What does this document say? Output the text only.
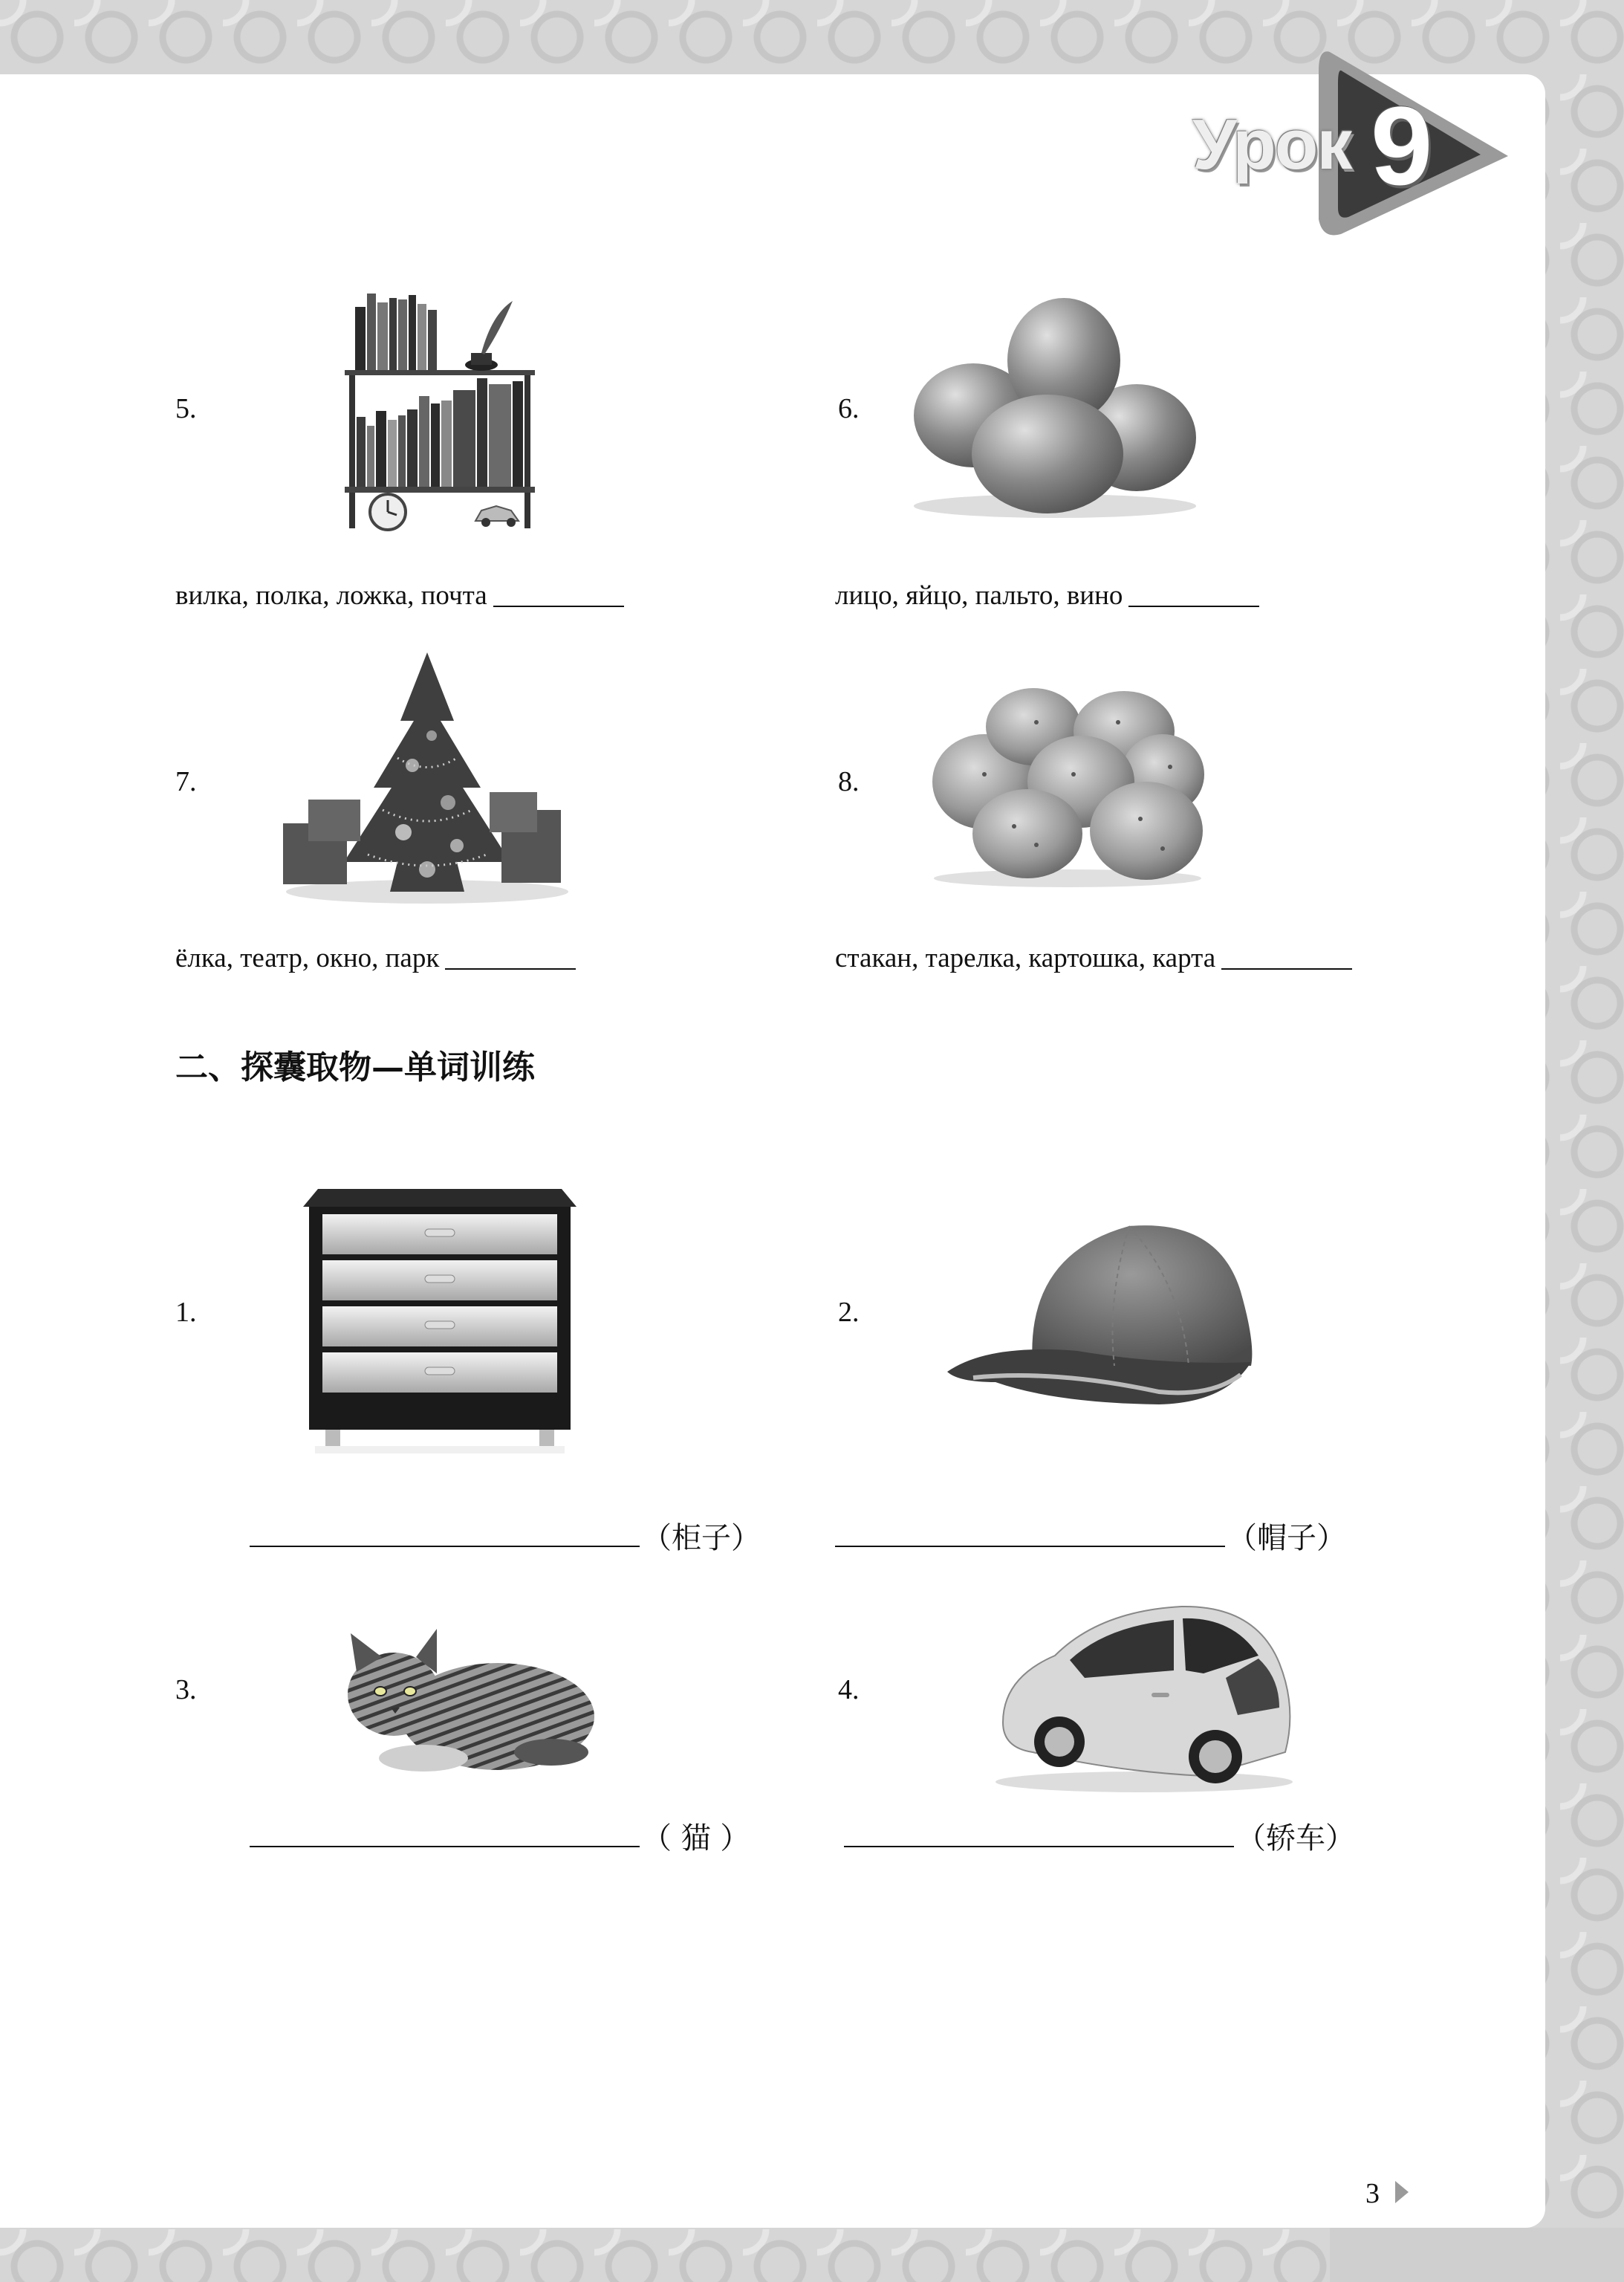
Урок 9
5.
вилка, полка, ложка, почта
6.
лицо, яйцо, пальто, вино
7.
ёлка, театр, окно, парк
8.
стакан, тарелка, картошка, карта
二、探囊取物—单词训练
1.
（柜子）
2.
（帽子）
3.
（ 猫 ）
4.
（轿车）
3
